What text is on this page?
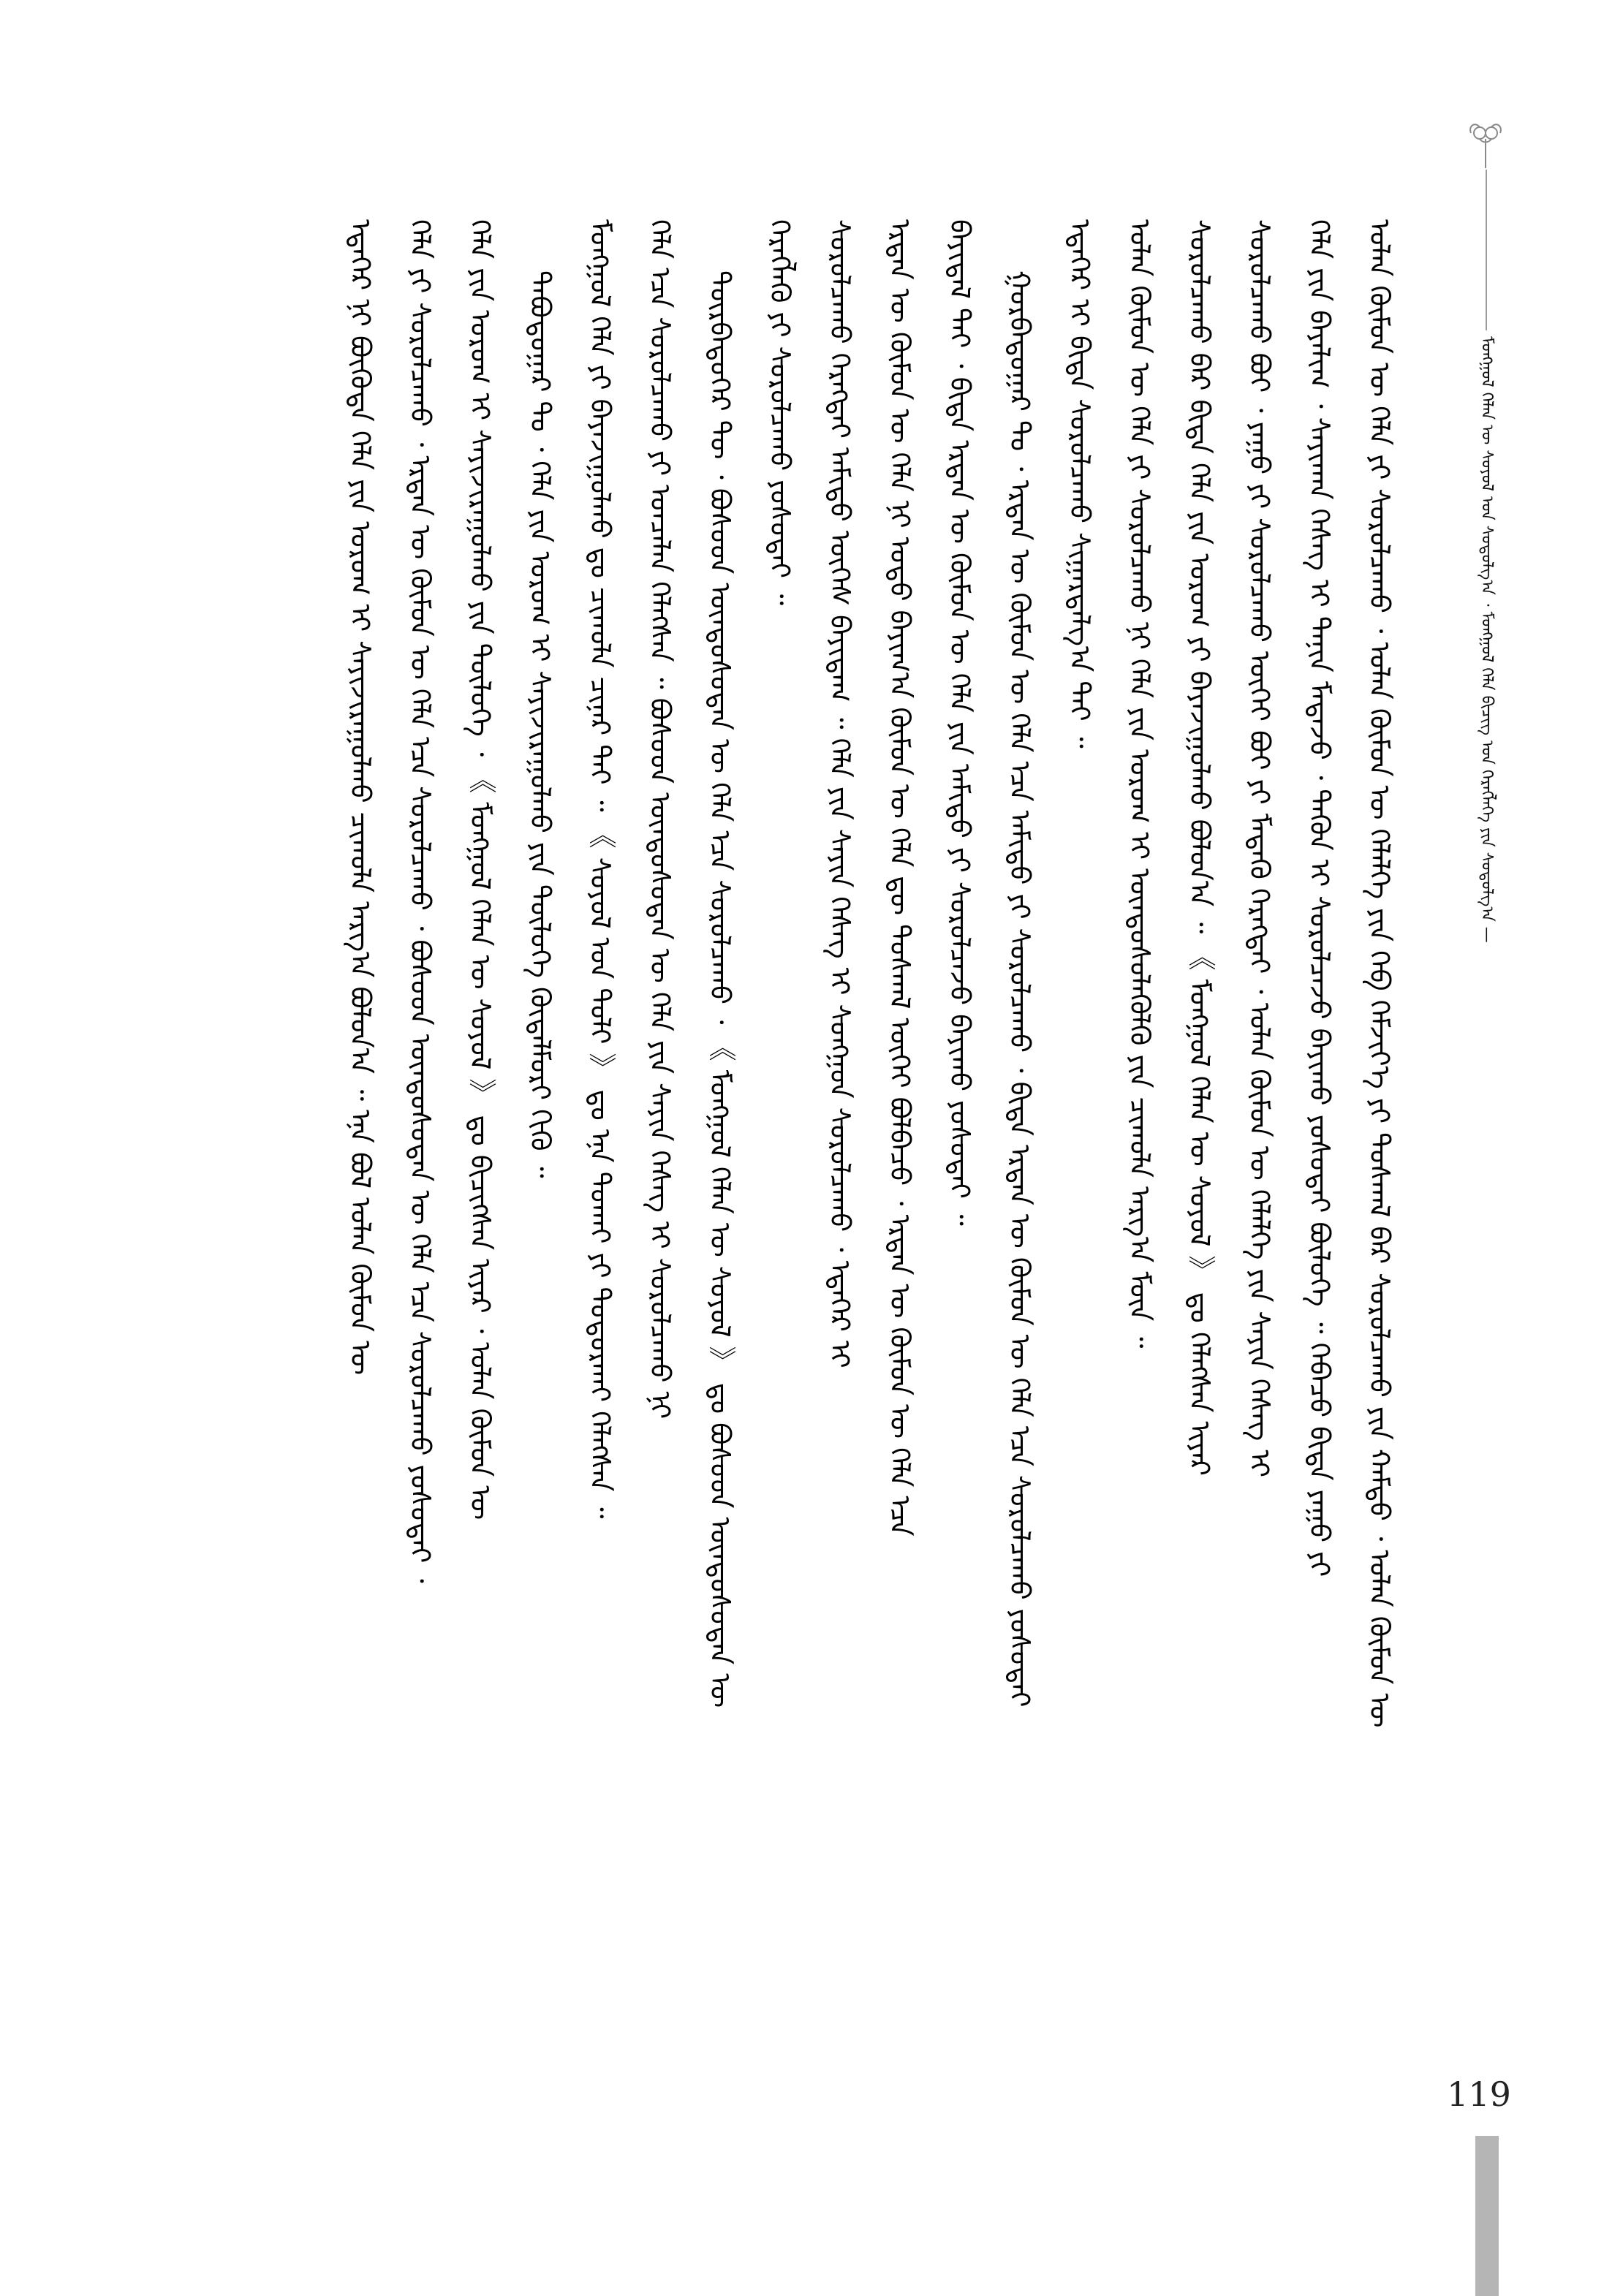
ᠮᠣᠩᠭᠣᠯ ᠬᠡᠯᠡᠨ ᠦ ᠰᠣᠶᠣᠯ ᠤᠨ ᠰᠤᠳᠤᠯᠭ᠎ᠠ ᠂ ᠮᠣᠩᠭᠣᠯ ᠬᠡᠯᠡ ᠪᠢᠴᠢᠭ ᠤᠨ ᠬᠡᠷᠡᠭᠯᠡᠭᠡ ᠶᠢᠨ ᠰᠤᠳᠤᠯᠭ᠎ᠠ —
ᠣᠯᠠᠨ ᠬᠦᠮᠦᠨ ᠦ ᠬᠡᠯᠡ ᠶᠢ ᠰᠤᠷᠤᠯᠴᠠᠬᠤ ᠂ ᠣᠯᠠᠨ ᠬᠦᠮᠦᠨ ᠦ ᠬᠡᠯᠡᠯᠭᠡ ᠶᠢᠨ ᠬᠡᠪ ᠬᠡᠮᠵᠢᠶ᠎ᠡ ᠶᠢ ᠲᠤᠰᠬᠠᠯ ᠪᠠᠷ ᠰᠤᠷᠤᠯᠴᠠᠬᠤ ᠶᠢᠨ ᠬᠠᠮᠲᠤ ᠂ ᠣᠯᠠᠨ ᠬᠦᠮᠦᠨ ᠦ
ᠬᠡᠯᠡ ᠶᠢᠨ ᠪᠠᠶᠠᠯᠢᠭ ᠂ ᠰᠠᠶᠢᠬᠠᠨ ᠬᠡᠰᠡᠭ ᠢ ᠲᠠᠨᠢᠨ ᠮᠡᠳᠡᠵᠦ ᠂ ᠲᠡᠭᠦᠨ ᠢ ᠰᠤᠷᠤᠯᠴᠠᠵᠤ ᠪᠠᠶᠢᠬᠤ ᠶᠤᠰᠤᠲᠠᠢ ᠪᠦᠯᠦᠭᠡ ᠃ ᠭᠡᠪᠡᠴᠦ ᠪᠢᠳᠡ ᠶᠠᠭᠤ ᠶᠢ
ᠰᠤᠷᠤᠯᠴᠠᠬᠤ ᠪᠤᠢ ᠂ ᠶᠠᠭᠤ ᠶᠢ ᠰᠤᠷᠤᠯᠴᠠᠬᠤ ᠦᠭᠡᠢ ᠪᠤᠢ ᠶᠢ ᠮᠡᠳᠡᠬᠦ ᠬᠡᠷᠡᠭᠲᠡᠢ ᠂ ᠣᠯᠠᠨ ᠬᠦᠮᠦᠨ ᠦ ᠬᠡᠯᠡᠯᠭᠡ ᠶᠢᠨ ᠰᠠᠶᠢᠨ ᠬᠡᠰᠡᠭ ᠢ
ᠰᠤᠷᠤᠯᠴᠠᠬᠤ ᠪᠡᠷ ᠪᠢᠳᠡ ᠬᠡᠯᠡ ᠶᠢᠨ ᠤᠷᠤᠭ ᠶᠢ ᠪᠠᠶᠠᠵᠢᠭᠤᠯᠬᠤ ᠪᠤᠯᠤᠨ᠎ᠠ ᠃ 《 ᠮᠣᠩᠭᠣᠯ ᠬᠡᠯᠡᠨ ᠦ ᠰᠣᠶᠣᠯ 》 ᠳᠤ ᠬᠡᠯᠡᠭᠰᠡᠨ ᠢᠶᠡᠷ
ᠣᠯᠠᠨ ᠬᠦᠮᠦᠨ ᠦ ᠬᠡᠯᠡ ᠶᠢ ᠰᠤᠷᠤᠯᠴᠠᠬᠤ ᠨᠢ ᠬᠡᠯᠡ ᠶᠢᠨ ᠤᠷᠤᠭ ᠢ ᠦᠨᠳᠦᠰᠦᠯᠡᠭᠦᠯᠬᠦ ᠶᠢᠨ ᠴᠢᠬᠤᠯᠠ ᠠᠷᠭ᠎ᠠ ᠮᠦᠨ ᠃
ᠡᠳᠡᠭᠡᠷ ᠢ ᠪᠢᠳᠡ ᠰᠤᠷᠤᠯᠴᠠᠬᠤ ᠰᠢᠭᠠᠷᠳᠠᠯᠭ᠎ᠠ ᠲᠠᠢ ᠃
ᠭᠤᠷᠪᠠᠳᠤᠭᠠᠷ ᠲᠤ ᠂ ᠡᠷᠲᠡᠨ ᠦ ᠬᠦᠮᠦᠨ ᠦ ᠬᠡᠯᠡ ᠡᠴᠡ ᠠᠮᠢᠳᠤ ᠶᠢ ᠰᠤᠷᠤᠯᠴᠠᠬᠤ ᠂ ᠪᠢᠳᠡ ᠡᠷᠲᠡᠨ ᠦ ᠬᠦᠮᠦᠨ ᠦ ᠬᠡᠯᠡ ᠡᠴᠡ ᠰᠤᠷᠤᠯᠴᠠᠬᠤ ᠶᠤᠰᠤᠲᠠᠢ
ᠪᠠᠶᠢᠳᠠᠯ ᠲᠠᠢ ᠂ ᠪᠢᠳᠡ ᠡᠷᠲᠡᠨ ᠦ ᠬᠦᠮᠦᠨ ᠦ ᠬᠡᠯᠡ ᠶᠢᠨ ᠠᠮᠢᠳᠤ ᠶᠢ ᠰᠤᠷᠤᠯᠴᠠᠵᠤ ᠪᠠᠶᠢᠬᠤ ᠶᠤᠰᠤᠲᠠᠢ ᠃
ᠡᠷᠲᠡᠨ ᠦ ᠬᠦᠮᠦᠨ ᠦ ᠬᠡᠯᠡ ᠨᠢ ᠣᠳᠣ ᠪᠠᠶᠢᠭ᠎ᠠ ᠬᠦᠮᠦᠨ ᠦ ᠬᠡᠯᠡ ᠳᠦ ᠲᠤᠰᠬᠠᠯ ᠦᠭᠡᠢ ᠪᠤᠯᠪᠠᠴᠤ ᠂ ᠡᠷᠲᠡᠨ ᠦ ᠬᠦᠮᠦᠨ ᠦ ᠬᠡᠯᠡ ᠡᠴᠡ
ᠰᠤᠷᠤᠯᠴᠠᠬᠤ ᠬᠡᠷᠡᠭᠲᠡᠢ ᠠᠮᠢᠳᠤ ᠦᠭᠡᠰ ᠪᠠᠶᠢᠳᠠᠭ ᠃ ᠬᠡᠯᠡ ᠶᠢᠨ ᠰᠠᠶᠢᠨ ᠬᠡᠰᠡᠭ ᠢ ᠰᠣᠩᠭᠣᠨ ᠰᠤᠷᠤᠯᠴᠠᠬᠤ ᠂ ᠡᠳᠡᠭᠡᠷ ᠢ
ᠬᠡᠷᠡᠭᠯᠡᠬᠦ ᠶᠢ ᠰᠤᠷᠤᠯᠴᠠᠬᠤ ᠶᠤᠰᠤᠲᠠᠢ ᠃
ᠳᠥᠷᠪᠡᠳᠦᠭᠡᠷ ᠲᠦ ᠂ ᠪᠤᠰᠤᠳ ᠦᠨᠳᠦᠰᠦᠲᠡᠨ ᠦ ᠬᠡᠯᠡ ᠡᠴᠡ ᠰᠤᠷᠤᠯᠴᠠᠬᠤ ᠂ 《 ᠮᠣᠩᠭᠣᠯ ᠬᠡᠯᠡᠨ ᠦ ᠰᠣᠶᠣᠯ 》 ᠳᠤ ᠪᠤᠰᠤᠳ ᠦᠨᠳᠦᠰᠦᠲᠡᠨ ᠦ
ᠬᠡᠯᠡ ᠡᠴᠡ ᠰᠤᠷᠤᠯᠴᠠᠬᠤ ᠶᠢ ᠣᠨᠴᠠᠯᠠᠨ ᠬᠡᠯᠡᠭᠰᠡᠨ ᠃ ᠪᠤᠰᠤᠳ ᠦᠨᠳᠦᠰᠦᠲᠡᠨ ᠦ ᠬᠡᠯᠡ ᠶᠢᠨ ᠰᠠᠶᠢᠨ ᠬᠡᠰᠡᠭ ᠢ ᠰᠤᠷᠤᠯᠴᠠᠬᠤ ᠨᠢ
ᠮᠣᠩᠭᠣᠯ ᠬᠡᠯᠡ ᠶᠢ ᠪᠠᠶᠠᠵᠢᠭᠤᠯᠬᠤ ᠳᠤ ᠴᠢᠬᠤᠯᠠ ᠴᠢᠨᠠᠷ ᠲᠠᠢ ᠃ 《 ᠰᠣᠶᠣᠯ ᠤᠨ ᠲᠣᠯᠢ 》 ᠳᠤ ᠡᠨᠡ ᠲᠤᠬᠠᠢ ᠶᠢ ᠲᠣᠳᠤᠷᠬᠠᠢ ᠬᠡᠯᠡᠭᠰᠡᠨ ᠃
ᠲᠠᠪᠤᠳᠤᠭᠠᠷ ᠲᠤ ᠂ ᠬᠡᠯᠡ ᠶᠢᠨ ᠤᠷᠤᠭ ᠢ ᠰᠠᠶᠢᠵᠢᠷᠠᠭᠤᠯᠬᠤ ᠶᠢᠨ ᠲᠥᠯᠥᠭᠡ ᠬᠥᠳᠡᠯᠮᠦᠷᠢ ᠬᠢᠬᠦ ᠃
ᠬᠡᠯᠡ ᠶᠢᠨ ᠤᠷᠤᠭ ᠢ ᠰᠠᠶᠢᠵᠢᠷᠠᠭᠤᠯᠬᠤ ᠶᠢᠨ ᠲᠥᠯᠥᠭᠡ ᠂ 《 ᠮᠣᠩᠭᠣᠯ ᠬᠡᠯᠡᠨ ᠦ ᠰᠣᠶᠣᠯ 》 ᠳᠤ ᠪᠢᠴᠢᠭᠰᠡᠨ ᠢᠶᠡᠷ ᠂ ᠣᠯᠠᠨ ᠬᠦᠮᠦᠨ ᠦ
ᠬᠡᠯᠡ ᠶᠢ ᠰᠤᠷᠤᠯᠴᠠᠬᠤ ᠂ ᠡᠷᠲᠡᠨ ᠦ ᠬᠦᠮᠦᠨ ᠦ ᠬᠡᠯᠡ ᠡᠴᠡ ᠰᠤᠷᠤᠯᠴᠠᠬᠤ ᠂ ᠪᠤᠰᠤᠳ ᠦᠨᠳᠦᠰᠦᠲᠡᠨ ᠦ ᠬᠡᠯᠡ ᠡᠴᠡ ᠰᠤᠷᠤᠯᠴᠠᠬᠤ ᠶᠤᠰᠤᠲᠠᠢ ᠂
ᠡᠳᠡᠭᠡᠷ ᠨᠢ ᠪᠦᠭᠦᠳᠡ ᠬᠡᠯᠡ ᠶᠢᠨ ᠤᠷᠤᠭ ᠢ ᠰᠠᠶᠢᠵᠢᠷᠠᠭᠤᠯᠬᠤ ᠴᠢᠬᠤᠯᠠ ᠠᠷᠭ᠎ᠠ ᠪᠣᠯᠤᠨ᠎ᠠ ᠃ ᠡᠨᠡ ᠪᠣᠯ ᠣᠯᠠᠨ ᠬᠦᠮᠦᠨ ᠦ
119
